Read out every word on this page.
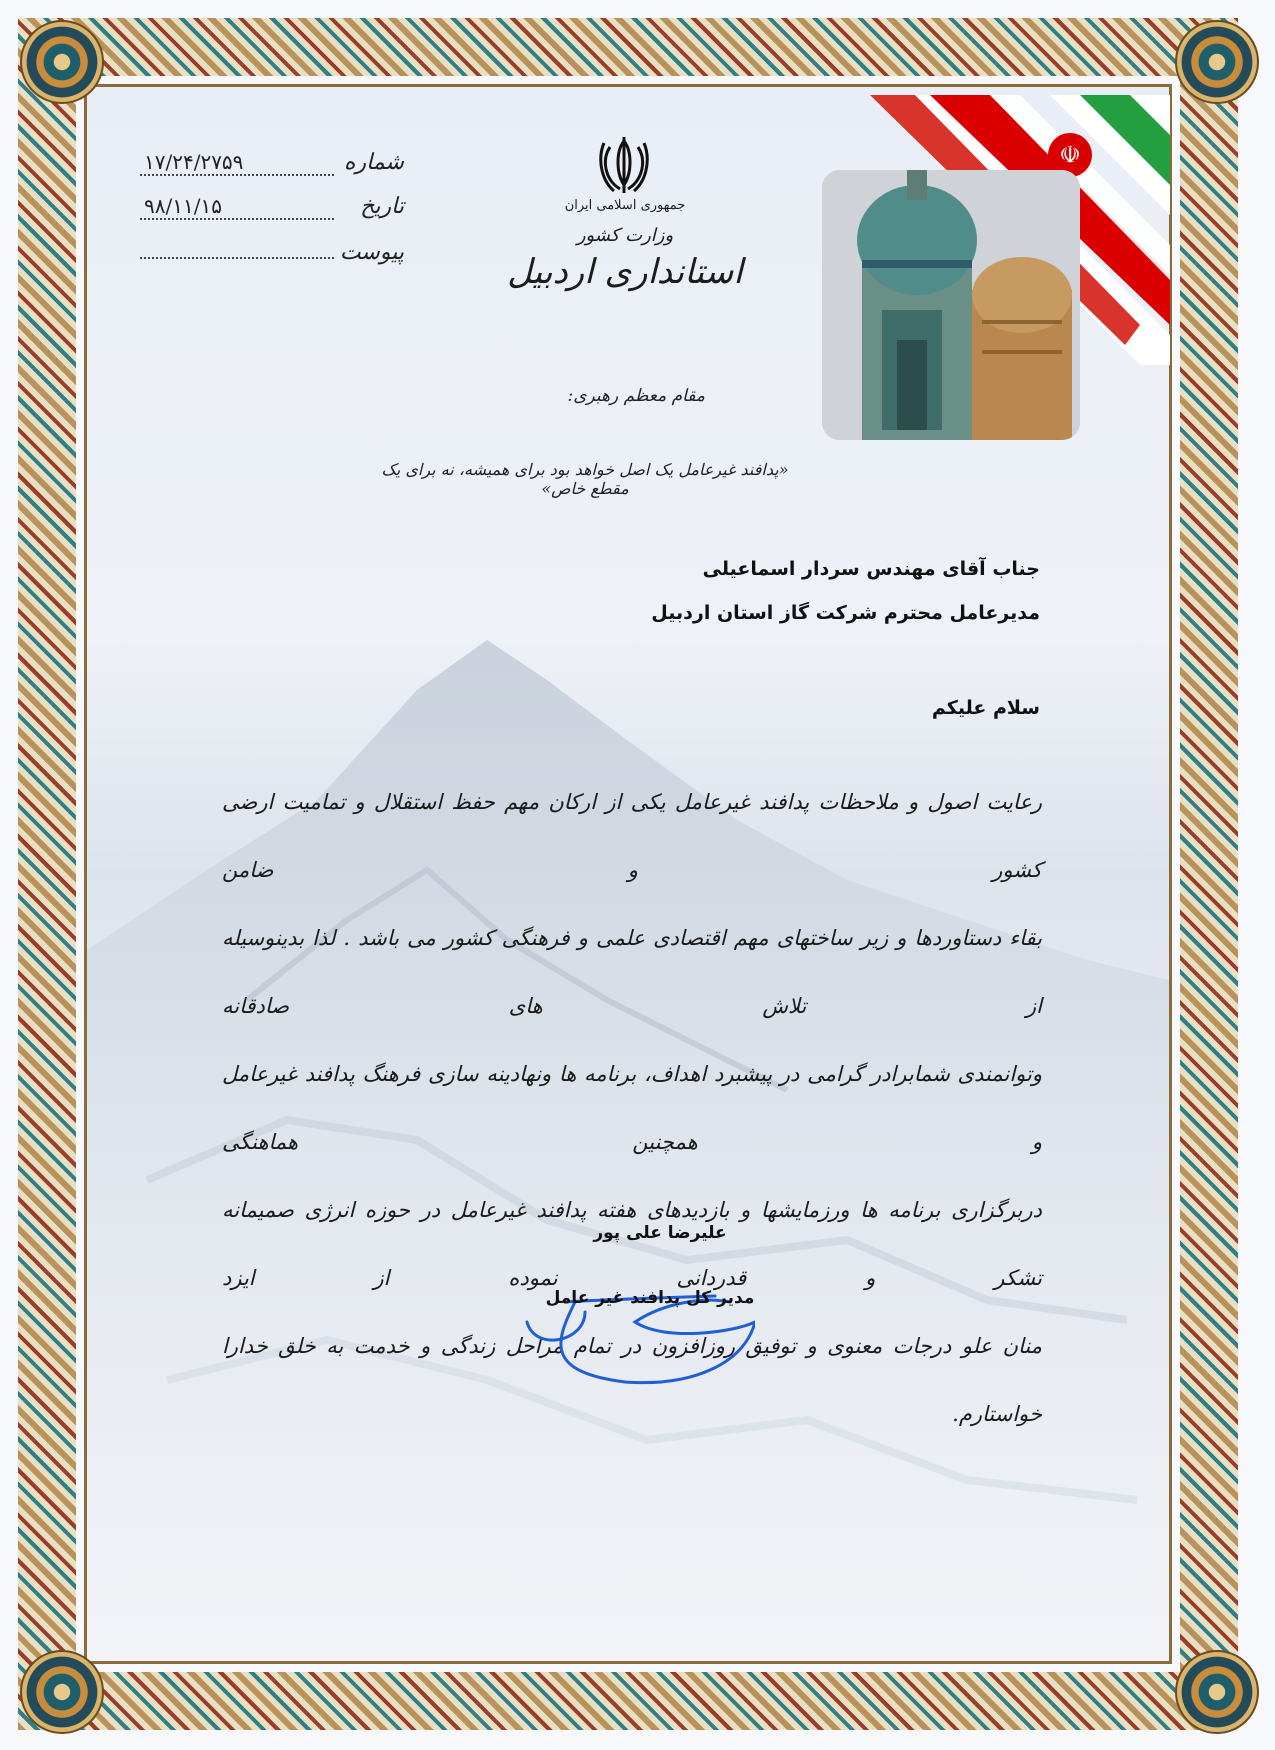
☫
شماره
۱۷/۲۴/۲۷۵۹
تاریخ
۹۸/۱۱/۱۵
پیوست
جمهوری اسلامی ایران
وزارت کشور
استانداری اردبیل
مقام معظم رهبری:
«پدافند غیرعامل یک اصل خواهد بود برای همیشه، نه برای یک مقطع خاص»
جناب آقای مهندس سردار اسماعیلی
مدیرعامل محترم شرکت گاز استان اردبیل
سلام علیکم

رعایت اصول و ملاحظات پدافند غیرعامل یکی از ارکان مهم حفظ استقلال و تمامیت ارضی کشور و ضامن

بقاء دستاوردها و زیر ساختهای مهم اقتصادی علمی و فرهنگی کشور می باشد . لذا بدینوسیله از تلاش های صادقانه

وتوانمندی شمابرادر گرامی در پیشبرد اهداف، برنامه ها ونهادینه سازی فرهنگ پدافند غیرعامل و همچنین هماهنگی

دربرگزاری برنامه ها ورزمایشها و بازدیدهای هفته پدافند غیرعامل در حوزه انرژی صمیمانه تشکر و قدردانی نموده از ایزد

منان علو درجات معنوی و توفیق روزافزون در تمام مراحل زندگی و خدمت به خلق خدارا خواستارم.

علیرضا علی پور
مدیر کل پدافند غیر عامل
